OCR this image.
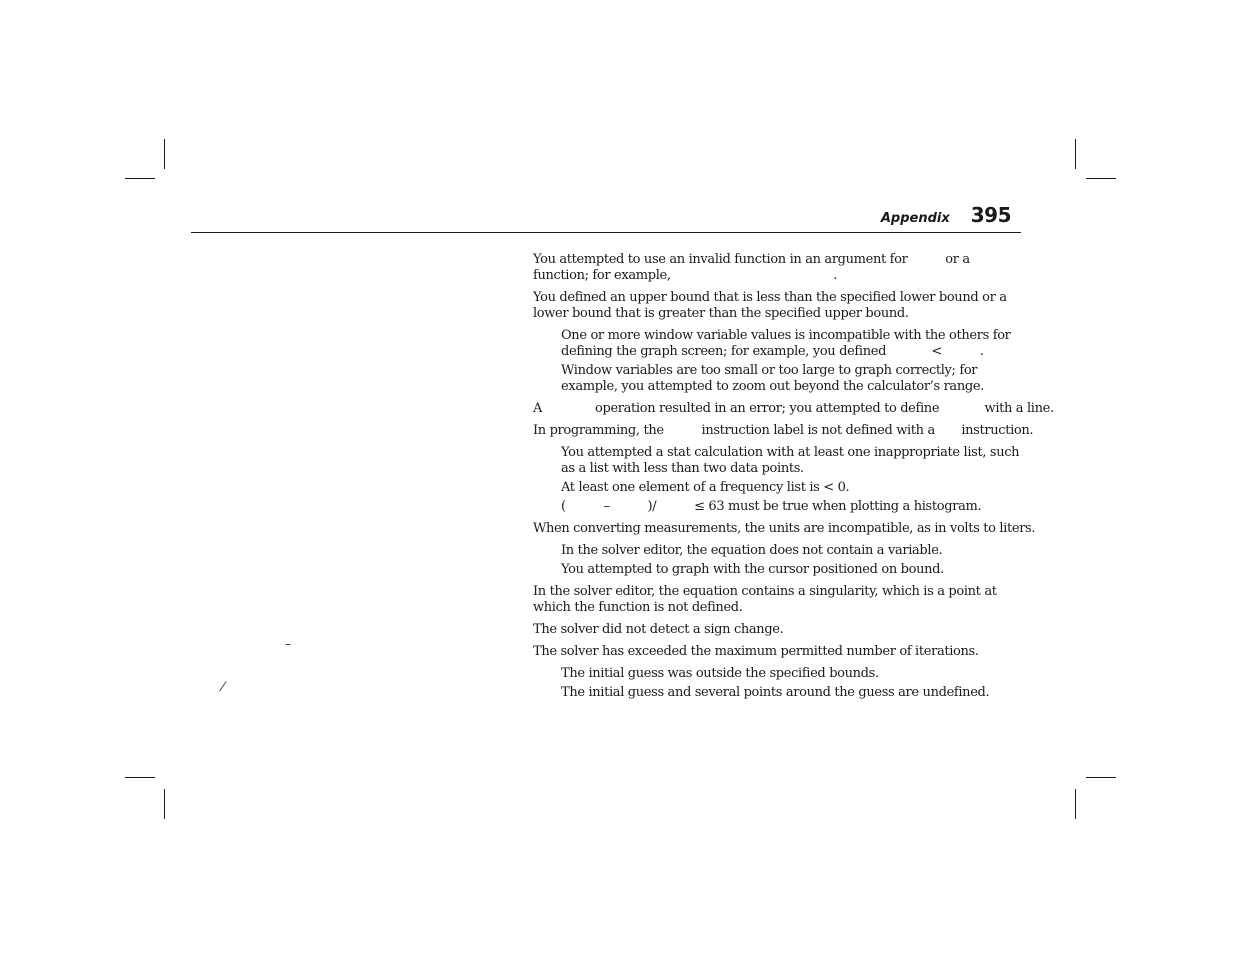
Appendix 395
–
/

You attempted to use an invalid function in an argument for          or a
function; for example,                                           .

You defined an upper bound that is less than the specified lower bound or a
lower bound that is greater than the specified upper bound.

One or more window variable values is incompatible with the others for
defining the graph screen; for example, you defined            <          .

Window variables are too small or too large to graph correctly; for
example, you attempted to zoom out beyond the calculator’s range.

A              operation resulted in an error; you attempted to define            with a line.

In programming, the          instruction label is not defined with a       instruction.

You attempted a stat calculation with at least one inappropriate list, such
as a list with less than two data points.

At least one element of a frequency list is < 0.

(          –          )/          ≤ 63 must be true when plotting a histogram.

When converting measurements, the units are incompatible, as in volts to liters.

In the solver editor, the equation does not contain a variable.

You attempted to graph with the cursor positioned on bound.

In the solver editor, the equation contains a singularity, which is a point at
which the function is not defined.

The solver did not detect a sign change.

The solver has exceeded the maximum permitted number of iterations.

The initial guess was outside the specified bounds.

The initial guess and several points around the guess are undefined.
